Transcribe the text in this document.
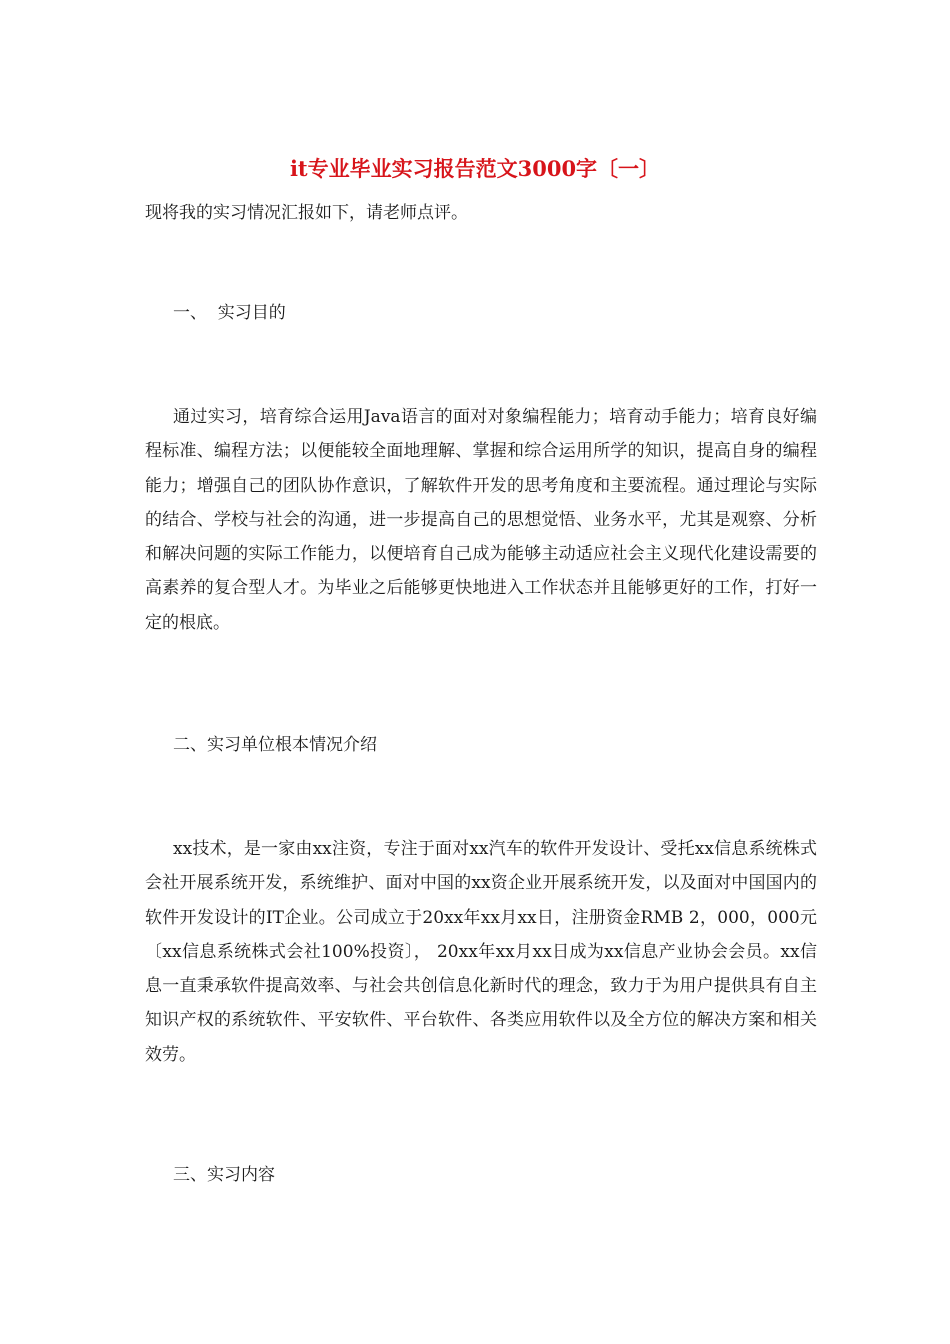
it专业毕业实习报告范文3000字〔一〕
现将我的实习情况汇报如下，请老师点评。
一、  实习目的
通过实习，培育综合运用Java语言的面对对象编程能力；培育动手能力；培育良好编程标准、编程方法；以便能较全面地理解、掌握和综合运用所学的知识，提高自身的编程能力；增强自己的团队协作意识，了解软件开发的思考角度和主要流程。通过理论与实际的结合、学校与社会的沟通，进一步提高自己的思想觉悟、业务水平，尤其是观察、分析和解决问题的实际工作能力，以便培育自己成为能够主动适应社会主义现代化建设需要的高素养的复合型人才。为毕业之后能够更快地进入工作状态并且能够更好的工作，打好一定的根底。
二、实习单位根本情况介绍
xx技术，是一家由xx注资，专注于面对xx汽车的软件开发设计、受托xx信息系统株式会社开展系统开发，系统维护、面对中国的xx资企业开展系统开发，以及面对中国国内的软件开发设计的IT企业。公司成立于20xx年xx月xx日，注册资金RMB 2，000，000元 〔xx信息系统株式会社100%投资〕， 20xx年xx月xx日成为xx信息产业协会会员。xx信息一直秉承软件提高效率、与社会共创信息化新时代的理念，致力于为用户提供具有自主知识产权的系统软件、平安软件、平台软件、各类应用软件以及全方位的解决方案和相关效劳。
三、实习内容
